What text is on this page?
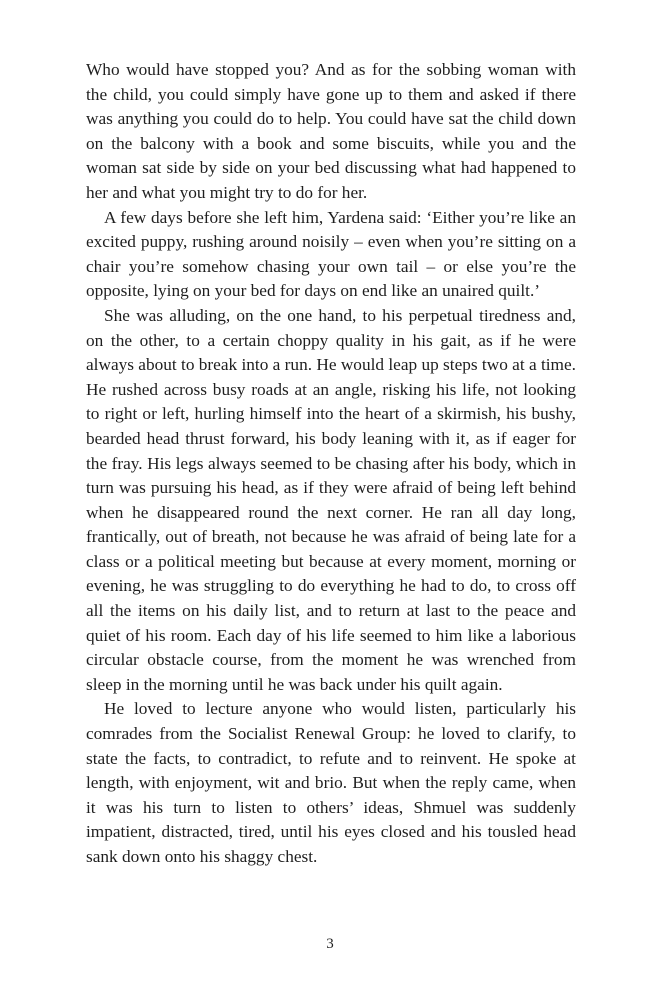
Who would have stopped you? And as for the sobbing woman with the child, you could simply have gone up to them and asked if there was anything you could do to help. You could have sat the child down on the balcony with a book and some biscuits, while you and the woman sat side by side on your bed discussing what had happened to her and what you might try to do for her.

A few days before she left him, Yardena said: ‘Either you’re like an excited puppy, rushing around noisily – even when you’re sitting on a chair you’re somehow chasing your own tail – or else you’re the opposite, lying on your bed for days on end like an unaired quilt.’

She was alluding, on the one hand, to his perpetual tiredness and, on the other, to a certain choppy quality in his gait, as if he were always about to break into a run. He would leap up steps two at a time. He rushed across busy roads at an angle, risking his life, not looking to right or left, hurling himself into the heart of a skirmish, his bushy, bearded head thrust forward, his body leaning with it, as if eager for the fray. His legs always seemed to be chasing after his body, which in turn was pursuing his head, as if they were afraid of being left behind when he disappeared round the next corner. He ran all day long, frantically, out of breath, not because he was afraid of being late for a class or a political meeting but because at every moment, morning or evening, he was struggling to do everything he had to do, to cross off all the items on his daily list, and to return at last to the peace and quiet of his room. Each day of his life seemed to him like a laborious circular obstacle course, from the moment he was wrenched from sleep in the morning until he was back under his quilt again.

He loved to lecture anyone who would listen, particularly his comrades from the Socialist Renewal Group: he loved to clarify, to state the facts, to contradict, to refute and to reinvent. He spoke at length, with enjoyment, wit and brio. But when the reply came, when it was his turn to listen to others’ ideas, Shmuel was suddenly impatient, distracted, tired, until his eyes closed and his tousled head sank down onto his shaggy chest.

3
